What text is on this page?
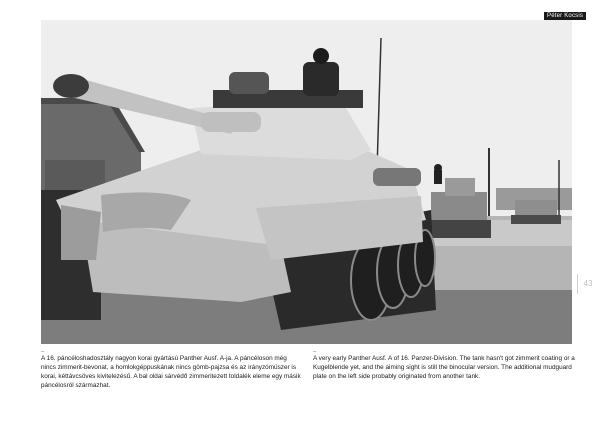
Péter Kocsis
43
–
A 16. páncéloshadosztály nagyon korai gyártású Panther Ausf. A-ja. A páncéloson még nincs zimmerit-bevonat, a homlokgéppuskának nincs gömb-pajzsa és az irányzómüszer is korai, kéttávcsöves kivitelezésű. A bal oldai sárvédő zimmeritezett toldalék eleme egy másik páncélosról származhat.
–
A very early Panther Ausf. A of 16. Panzer-Division. The tank hasn't got zimmerit coating or a Kugelblende yet, and the aiming sight is still the binocular version. The additional mudguard plate on the left side probably originated from another tank.
